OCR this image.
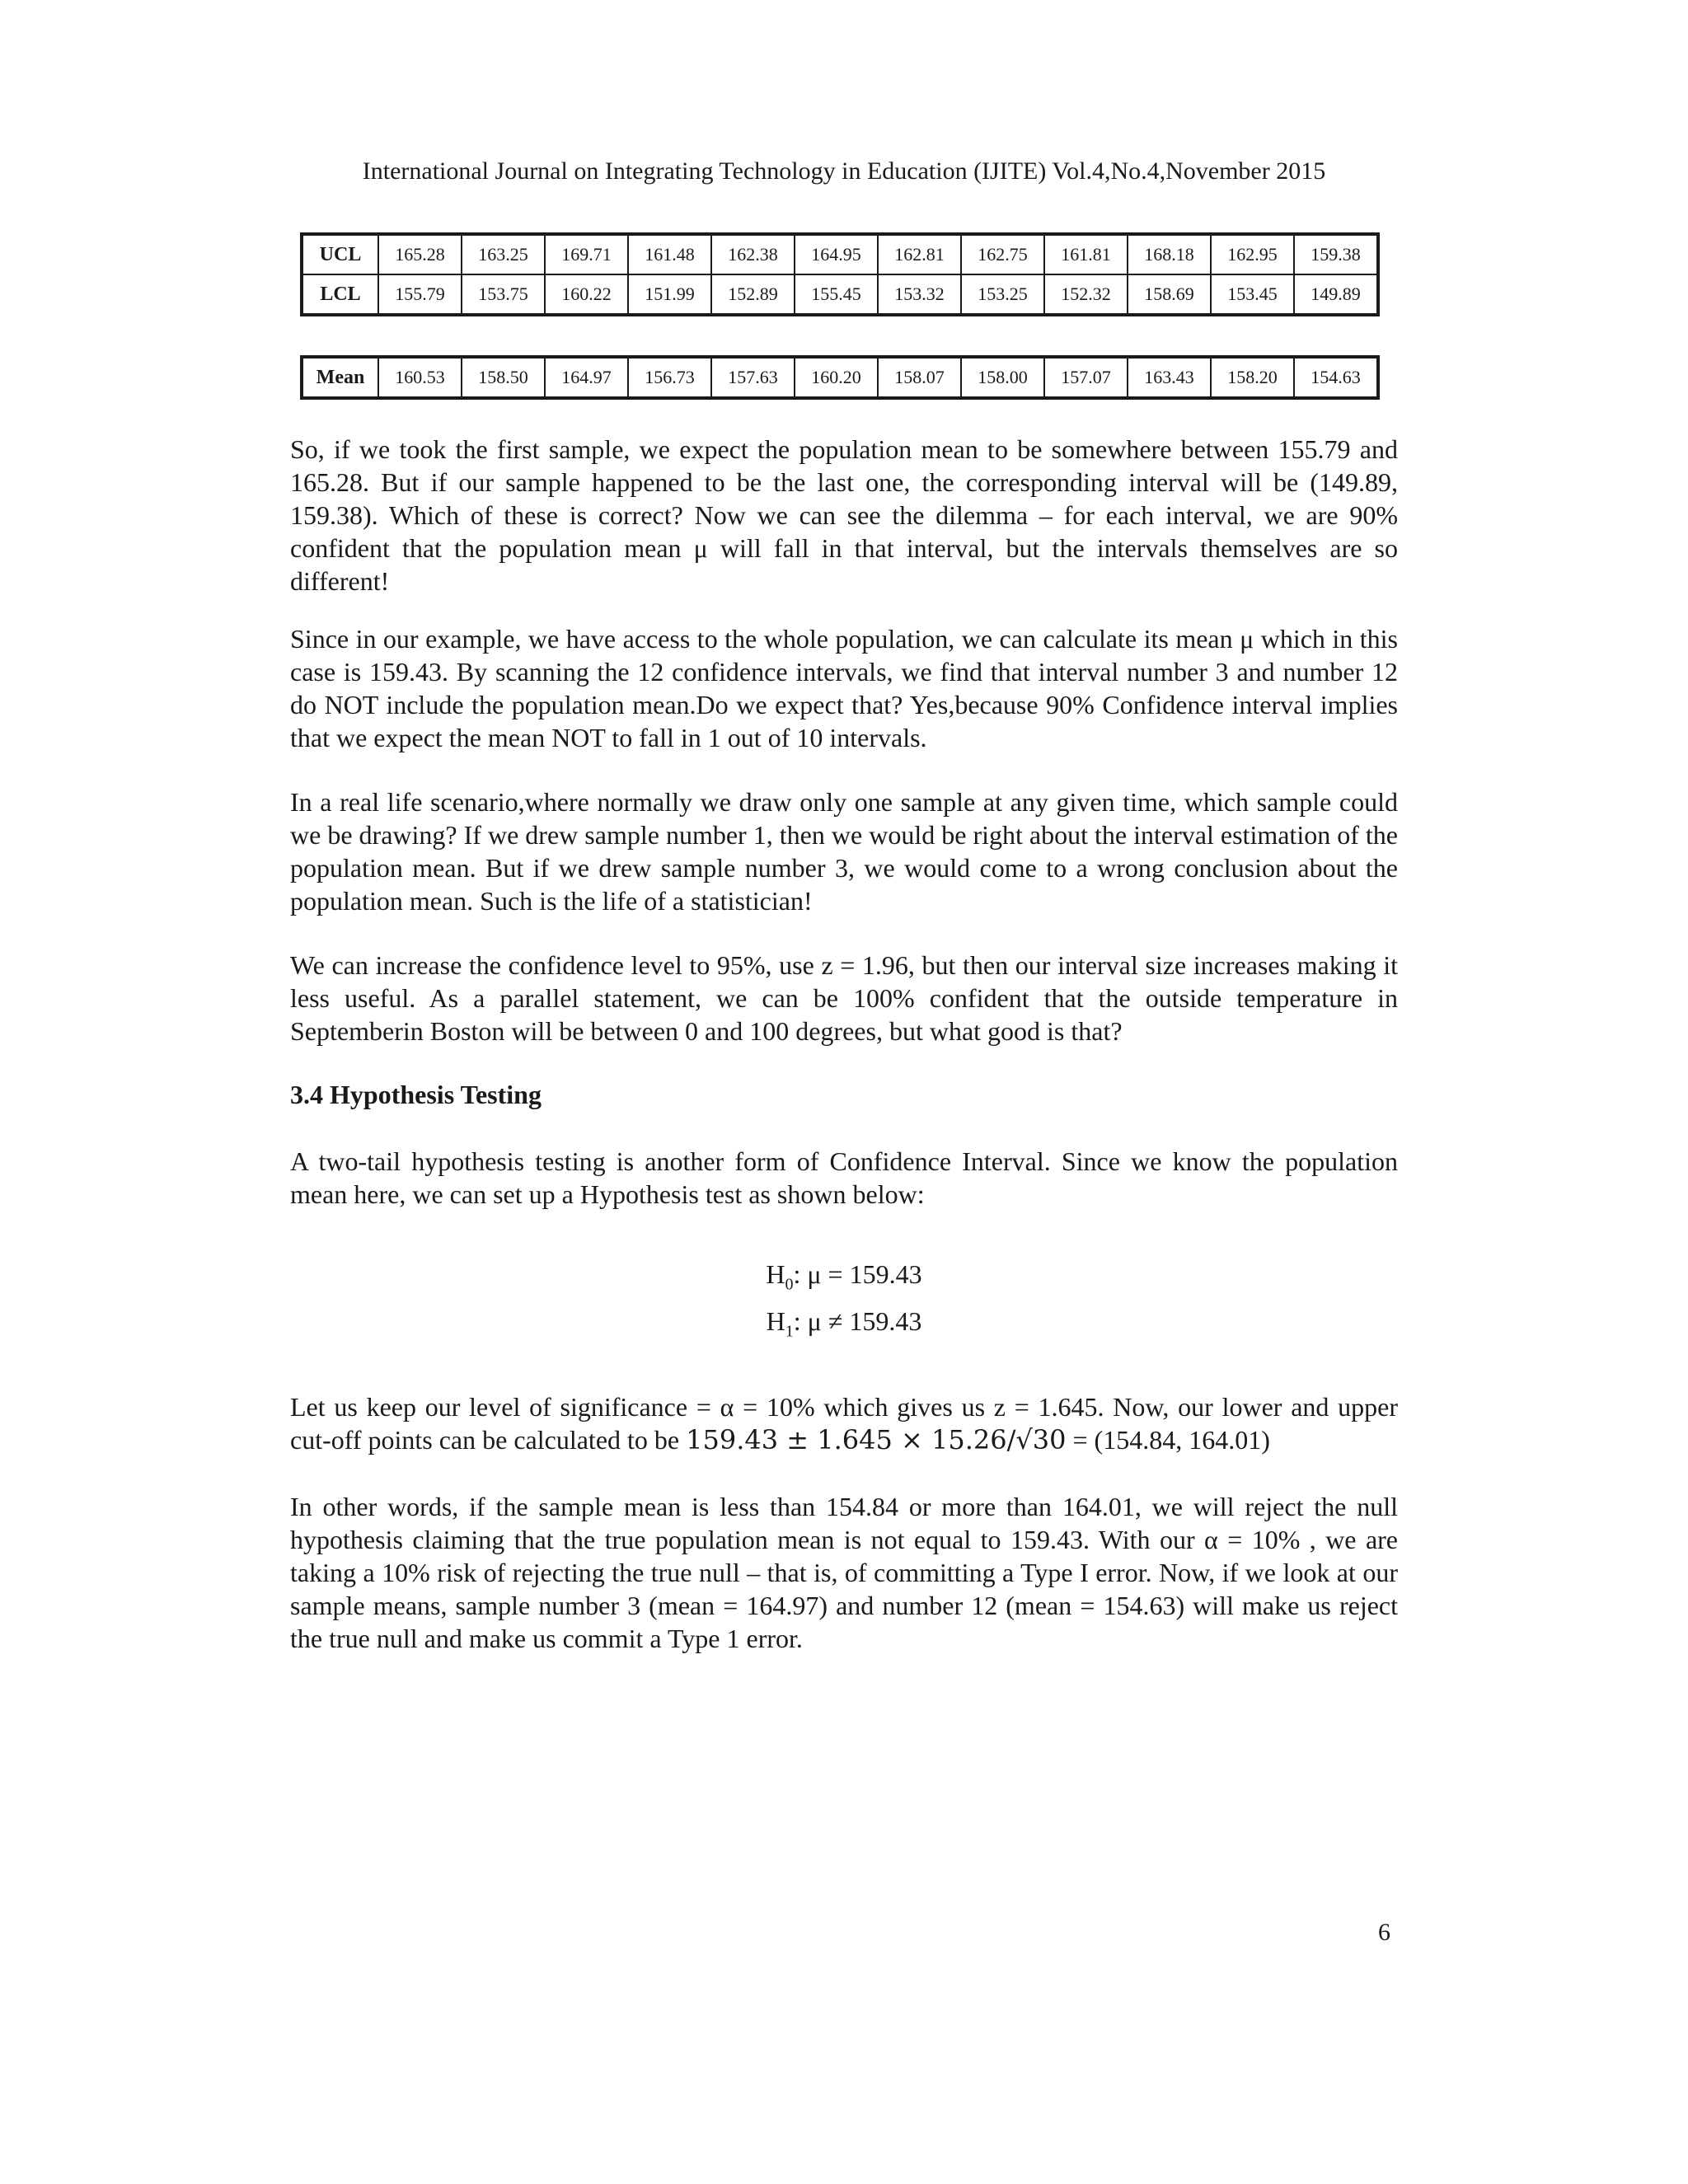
International Journal on Integrating Technology in Education (IJITE) Vol.4,No.4,November 2015
UCL	165.28	163.25	169.71	161.48	162.38	164.95	162.81	162.75	161.81	168.18	162.95	159.38
LCL	155.79	153.75	160.22	151.99	152.89	155.45	153.32	153.25	152.32	158.69	153.45	149.89
Mean	160.53	158.50	164.97	156.73	157.63	160.20	158.07	158.00	157.07	163.43	158.20	154.63

So, if we took the first sample, we expect the population mean to be somewhere between 155.79 and 165.28. But if our sample happened to be the last one, the corresponding interval will be (149.89, 159.38). Which of these is correct? Now we can see the dilemma – for each interval, we are 90% confident that the population mean μ will fall in that interval, but the intervals themselves are so different!

Since in our example, we have access to the whole population, we can calculate its mean μ which in this case is 159.43. By scanning the 12 confidence intervals, we find that interval number 3 and number 12 do NOT include the population mean.Do we expect that? Yes,because 90% Confidence interval implies that we expect the mean NOT to fall in 1 out of 10 intervals.

In a real life scenario,where normally we draw only one sample at any given time, which sample could we be drawing? If we drew sample number 1, then we would be right about the interval estimation of the population mean. But if we drew sample number 3, we would come to a wrong conclusion about the population mean. Such is the life of a statistician!

We can increase the confidence level to 95%, use z = 1.96, but then our interval size increases making it less useful. As a parallel statement, we can be 100% confident that the outside temperature in Septemberin Boston will be between 0 and 100 degrees, but what good is that?

3.4 Hypothesis Testing

A two-tail hypothesis testing is another form of Confidence Interval. Since we know the population mean here, we can set up a Hypothesis test as shown below:

$H_0$: μ = 159.43
$H_1$: μ ≠ 159.43

Let us keep our level of significance = α = 10% which gives us z = 1.645. Now, our lower and upper cut-off points can be calculated to be 159.43 ± 1.645 × 15.26/√30 = (154.84, 164.01)

In other words, if the sample mean is less than 154.84 or more than 164.01, we will reject the null hypothesis claiming that the true population mean is not equal to 159.43. With our α = 10% , we are taking a 10% risk of rejecting the true null – that is, of committing a Type I error. Now, if we look at our sample means, sample number 3 (mean = 164.97) and number 12 (mean = 154.63) will make us reject the true null and make us commit a Type 1 error.

6
